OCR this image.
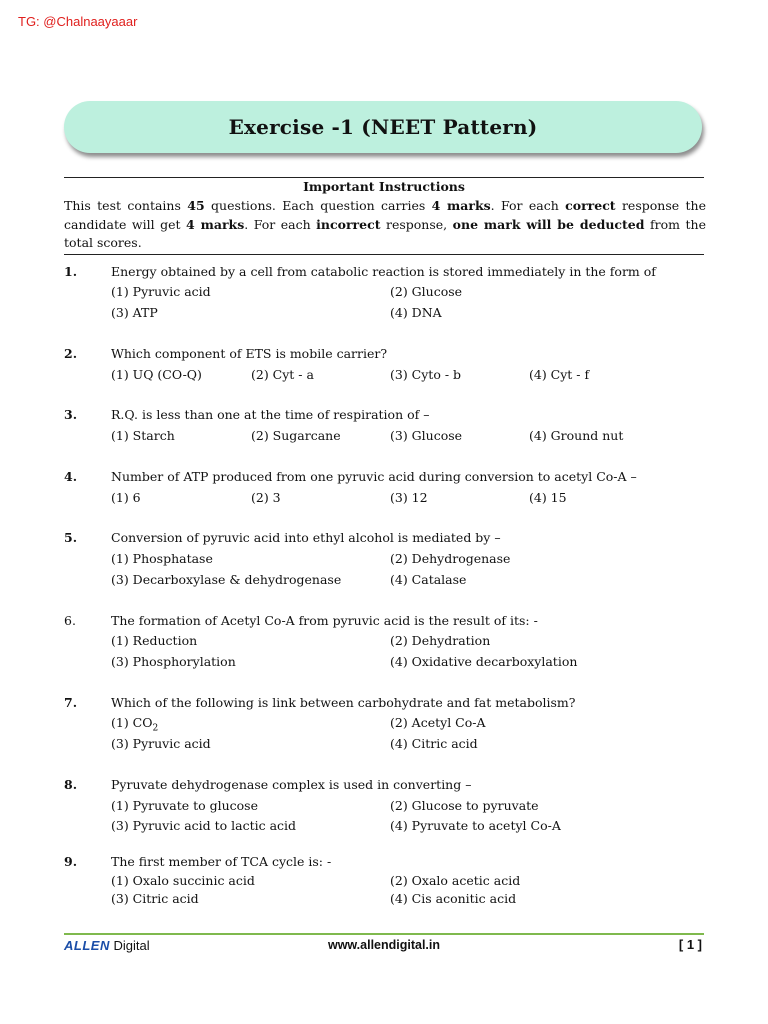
TG: @Chalnaayaaar
Exercise -1 (NEET Pattern)
Important Instructions
This test contains 45 questions. Each question carries 4 marks. For each correct response the candidate will get 4 marks. For each incorrect response, one mark will be deducted from the total scores.
1.	Energy obtained by a cell from catabolic reaction is stored immediately in the form of
(1) Pyruvic acid	(2) Glucose
(3) ATP	(4) DNA
2.	Which component of ETS is mobile carrier?
(1) UQ (CO-Q)	(2) Cyt - a	(3) Cyto - b	(4) Cyt - f
3.	R.Q. is less than one at the time of respiration of –
(1) Starch	(2) Sugarcane	(3) Glucose	(4) Ground nut
4.	Number of ATP produced from one pyruvic acid during conversion to acetyl Co-A –
(1) 6	(2) 3	(3) 12	(4) 15
5.	Conversion of pyruvic acid into ethyl alcohol is mediated by –
(1) Phosphatase	(2) Dehydrogenase
(3) Decarboxylase & dehydrogenase	(4) Catalase
6.	The formation of Acetyl Co-A from pyruvic acid is the result of its: -
(1) Reduction	(2) Dehydration
(3) Phosphorylation	(4) Oxidative decarboxylation
7.	Which of the following is link between carbohydrate and fat metabolism?
(1) $CO_2$	(2) Acetyl Co-A
(3) Pyruvic acid	(4) Citric acid
8.	Pyruvate dehydrogenase complex is used in converting –
(1) Pyruvate to glucose	(2) Glucose to pyruvate
(3) Pyruvic acid to lactic acid	(4) Pyruvate to acetyl Co-A
9.	The first member of TCA cycle is: -
(1) Oxalo succinic acid	(2) Oxalo acetic acid
(3) Citric acid	(4) Cis aconitic acid
ALLEN Digital	www.allendigital.in	[ 1 ]
